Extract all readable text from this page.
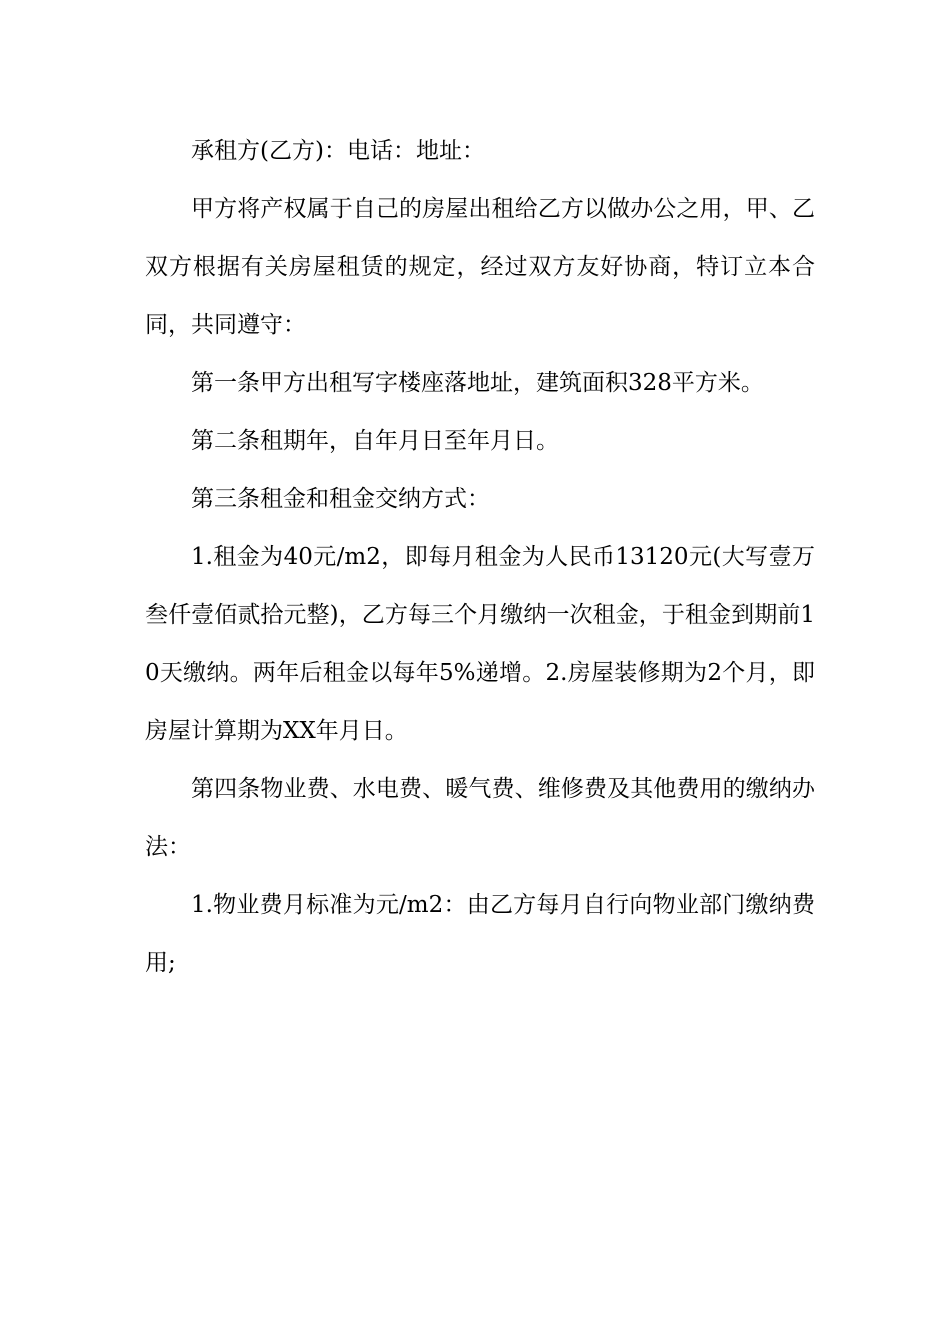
承租方(乙方)：电话：地址：

甲方将产权属于自己的房屋出租给乙方以做办公之用，甲、乙双方根据有关房屋租赁的规定，经过双方友好协商，特订立本合同，共同遵守：

第一条甲方出租写字楼座落地址，建筑面积328平方米。

第二条租期年，自年月日至年月日。

第三条租金和租金交纳方式：

1.租金为40元/m2，即每月租金为人民币13120元(大写壹万叁仟壹佰贰拾元整)，乙方每三个月缴纳一次租金，于租金到期前10天缴纳。两年后租金以每年5%递增。2.房屋装修期为2个月，即房屋计算期为XX年月日。

第四条物业费、水电费、暖气费、维修费及其他费用的缴纳办法：

1.物业费月标准为元/m2：由乙方每月自行向物业部门缴纳费用;
